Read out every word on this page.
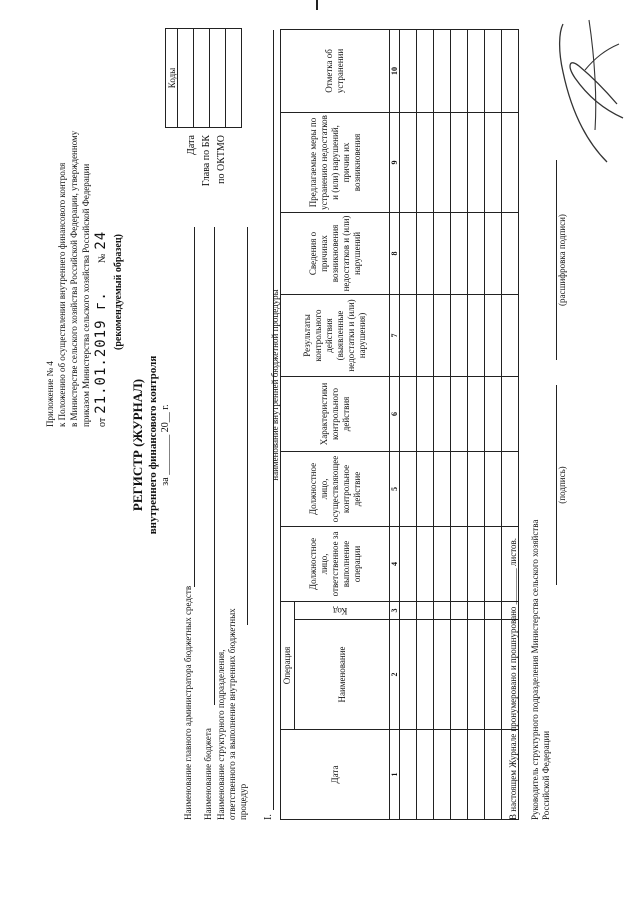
Приложение № 4 к Положению об осуществлении внутреннего финансового контроля в Министерстве сельского хозяйства Российской Федерации, утвержденному приказом Министерства сельского хозяйства Российской Федерации от 21.01.2019 г. № 24 (рекомендуемый образец)
РЕГИСТР (ЖУРНАЛ) внутреннего финансового контроля за ________ 20__ г.
Дата Глава по БК по ОКТМО
Коды

Наименование главного администратора бюджетных средств Наименование бюджета Наименование структурного подразделения, ответственного за выполнение внутренних бюджетных процедур I.
наименование внутренней бюджетной процедуры
Дата	Операция		Должностное лицо, ответственное за выполнение операции	Должностное лицо, осуществляющее контрольное действие	Характеристики контрольного действия	Результаты контрольного действия (выявленные недостатки и (или) нарушения)	Сведения о причинах возникновения недостатков и (или) нарушений	Предлагаемые меры по устранению недостатков и (или) нарушений, причин их возникновения	Отметка об устранении
	Наименование	Код							
1	2	3	4	5	6	7	8	9	10

В настоящем Журнале пронумеровано и прошнуровано ________ листов. Руководитель структурного подразделения Министерства сельского хозяйства Российской Федерации
(подпись)
(расшифровка подписи)
